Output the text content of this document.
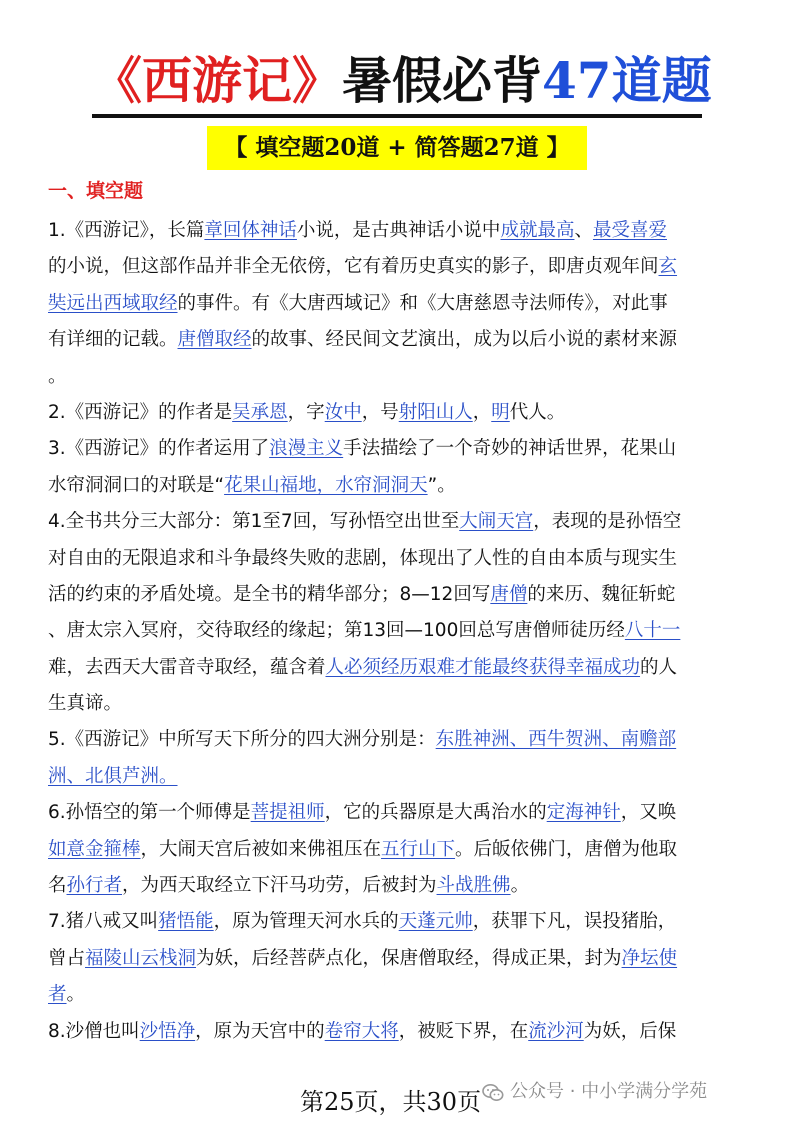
《西游记》暑假必背47道题
【 填空题20道 + 简答题27道 】
一、填空题
1.《西游记》，长篇章回体神话小说，是古典神话小说中成就最高、最受喜爱
的小说，但这部作品并非全无依傍，它有着历史真实的影子，即唐贞观年间玄
奘远出西域取经的事件。有《大唐西域记》和《大唐慈恩寺法师传》，对此事
有详细的记载。唐僧取经的故事、经民间文艺演出，成为以后小说的素材来源
。
2.《西游记》的作者是吴承恩，字汝中，号射阳山人，明代人。
3.《西游记》的作者运用了浪漫主义手法描绘了一个奇妙的神话世界，花果山
水帘洞洞口的对联是“花果山福地，水帘洞洞天”。
4.全书共分三大部分：第1至7回，写孙悟空出世至大闹天宫，表现的是孙悟空
对自由的无限追求和斗争最终失败的悲剧，体现出了人性的自由本质与现实生
活的约束的矛盾处境。是全书的精华部分；8—12回写唐僧的来历、魏征斩蛇
、唐太宗入冥府，交待取经的缘起；第13回—100回总写唐僧师徒历经八十一
难，去西天大雷音寺取经，蕴含着人必须经历艰难才能最终获得幸福成功的人
生真谛。
5.《西游记》中所写天下所分的四大洲分别是：东胜神洲、西牛贺洲、南赡部
洲、北俱芦洲。
6.孙悟空的第一个师傅是菩提祖师，它的兵器原是大禹治水的定海神针，又唤
如意金箍棒，大闹天宫后被如来佛祖压在五行山下。后皈依佛门，唐僧为他取
名孙行者，为西天取经立下汗马功劳，后被封为斗战胜佛。
7.猪八戒又叫猪悟能，原为管理天河水兵的天蓬元帅，获罪下凡，误投猪胎，
曾占福陵山云栈洞为妖，后经菩萨点化，保唐僧取经，得成正果，封为净坛使
者。
8.沙僧也叫沙悟净，原为天宫中的卷帘大将，被贬下界，在流沙河为妖，后保
第25页，共30页	公众号 · 中小学满分学苑
